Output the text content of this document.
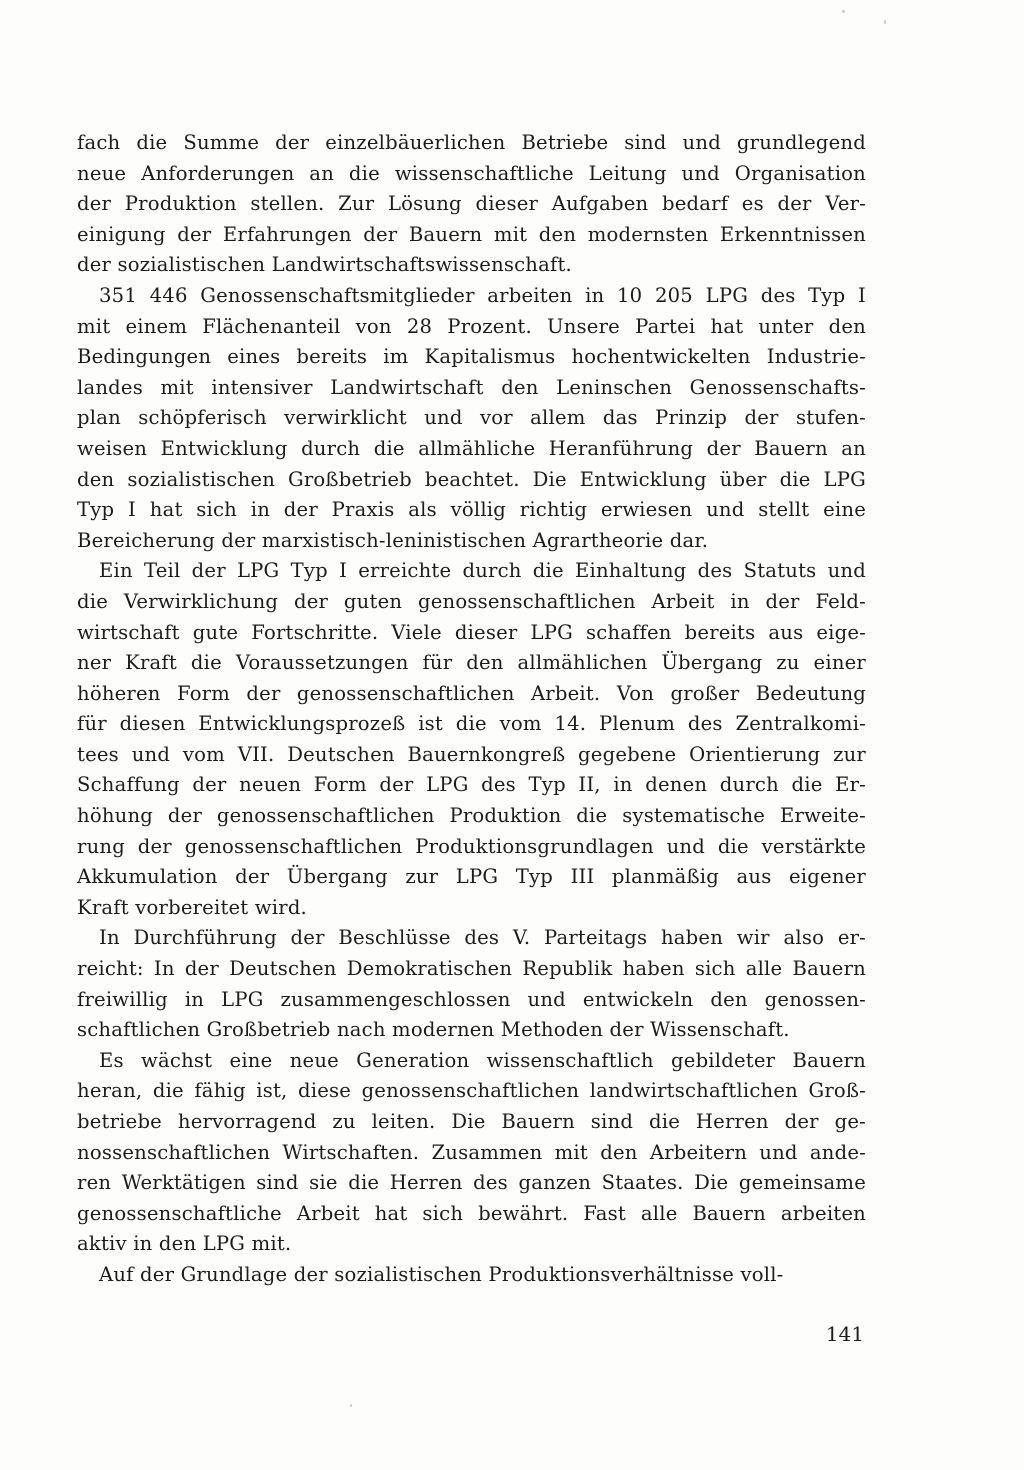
fach die Summe der einzelbäuerlichen Betriebe sind und grundlegend
neue Anforderungen an die wissenschaftliche Leitung und Organisation
der Produktion stellen. Zur Lösung dieser Aufgaben bedarf es der Ver-
einigung der Erfahrungen der Bauern mit den modernsten Erkenntnissen
der sozialistischen Landwirtschaftswissenschaft.

351 446 Genossenschaftsmitglieder arbeiten in 10 205 LPG des Typ I
mit einem Flächenanteil von 28 Prozent. Unsere Partei hat unter den
Bedingungen eines bereits im Kapitalismus hochentwickelten Industrie-
landes mit intensiver Landwirtschaft den Leninschen Genossenschafts-
plan schöpferisch verwirklicht und vor allem das Prinzip der stufen-
weisen Entwicklung durch die allmähliche Heranführung der Bauern an
den sozialistischen Großbetrieb beachtet. Die Entwicklung über die LPG
Typ I hat sich in der Praxis als völlig richtig erwiesen und stellt eine
Bereicherung der marxistisch-leninistischen Agrartheorie dar.

Ein Teil der LPG Typ I erreichte durch die Einhaltung des Statuts und
die Verwirklichung der guten genossenschaftlichen Arbeit in der Feld-
wirtschaft gute Fortschritte. Viele dieser LPG schaffen bereits aus eige-
ner Kraft die Voraussetzungen für den allmählichen Übergang zu einer
höheren Form der genossenschaftlichen Arbeit. Von großer Bedeutung
für diesen Entwicklungsprozeß ist die vom 14. Plenum des Zentralkomi-
tees und vom VII. Deutschen Bauernkongreß gegebene Orientierung zur
Schaffung der neuen Form der LPG des Typ II, in denen durch die Er-
höhung der genossenschaftlichen Produktion die systematische Erweite-
rung der genossenschaftlichen Produktionsgrundlagen und die verstärkte
Akkumulation der Übergang zur LPG Typ III planmäßig aus eigener
Kraft vorbereitet wird.

In Durchführung der Beschlüsse des V. Parteitags haben wir also er-
reicht: In der Deutschen Demokratischen Republik haben sich alle Bauern
freiwillig in LPG zusammengeschlossen und entwickeln den genossen-
schaftlichen Großbetrieb nach modernen Methoden der Wissenschaft.

Es wächst eine neue Generation wissenschaftlich gebildeter Bauern
heran, die fähig ist, diese genossenschaftlichen landwirtschaftlichen Groß-
betriebe hervorragend zu leiten. Die Bauern sind die Herren der ge-
nossenschaftlichen Wirtschaften. Zusammen mit den Arbeitern und ande-
ren Werktätigen sind sie die Herren des ganzen Staates. Die gemeinsame
genossenschaftliche Arbeit hat sich bewährt. Fast alle Bauern arbeiten
aktiv in den LPG mit.

Auf der Grundlage der sozialistischen Produktionsverhältnisse voll-

141
